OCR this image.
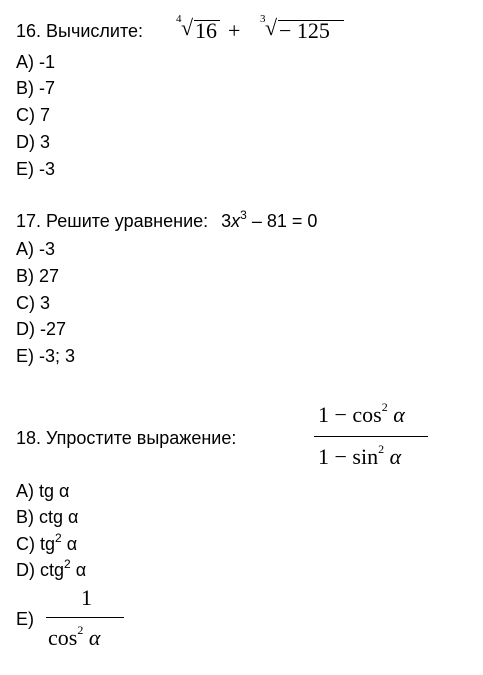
16. Вычислите:
4 √ 16 + 3 √ − 125
A) -1
B) -7
C) 7
D) 3
E) -3
17. Решите уравнение: $3x^3 - 81 = 0$
A) -3
B) 27
C) 3
D) -27
E) -3; 3
18. Упростите выражение:
$1 - \cos^2 \alpha$
$1 - \sin^2 \alpha$
A) tg α
B) ctg α
C) $tg^2$ α
D) ctg$^2$ α
E)
1
$\cos^2 \alpha$
